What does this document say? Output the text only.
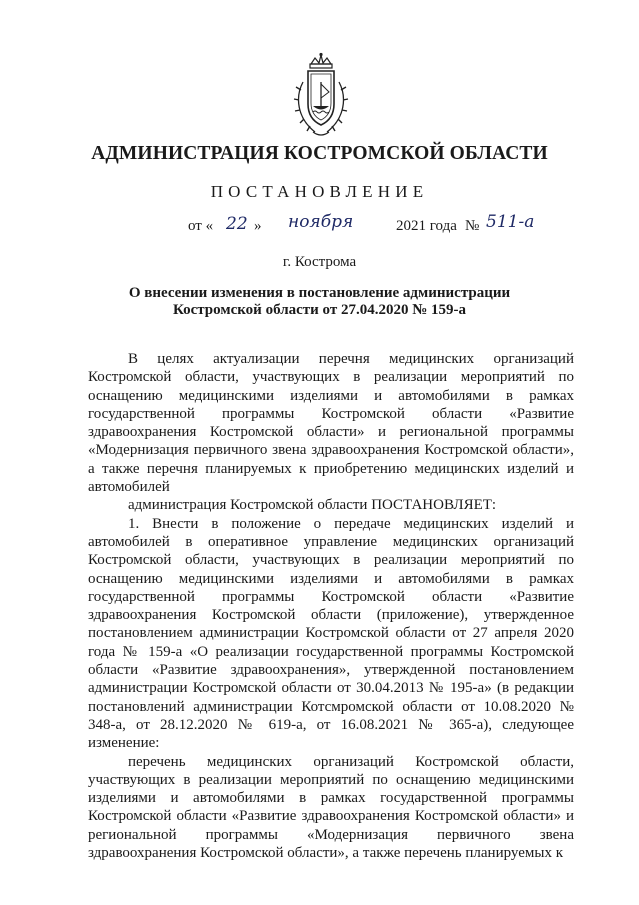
АДМИНИСТРАЦИЯ КОСТРОМСКОЙ ОБЛАСТИ
ПОСТАНОВЛЕНИЕ
от « 22 » ноября	2021 года № 511-а
г. Кострома
О внесении изменения в постановление администрации
Костромской области от 27.04.2020 № 159-а

В целях актуализации перечня медицинских организаций Костромской области, участвующих в реализации мероприятий по оснащению медицинскими изделиями и автомобилями в рамках государственной программы Костромской области «Развитие здравоохранения Костромской области» и региональной программы «Модернизация первичного звена здравоохранения Костромской области», а также перечня планируемых к приобретению медицинских изделий и автомобилей

администрация Костромской области ПОСТАНОВЛЯЕТ:

1. Внести в положение о передаче медицинских изделий и автомобилей в оперативное управление медицинских организаций Костромской области, участвующих в реализации мероприятий по оснащению медицинскими изделиями и автомобилями в рамках государственной программы Костромской области «Развитие здравоохранения Костромской области (приложение), утвержденное постановлением администрации Костромской области от 27 апреля 2020 года № 159-а «О реализации государственной программы Костромской области «Развитие здравоохранения», утвержденной постановлением администрации Костромской области от 30.04.2013 № 195-а» (в редакции постановлений администрации Котсмромской области от 10.08.2020 № 348-а, от 28.12.2020 № 619-а, от 16.08.2021 № 365-а), следующее изменение:

перечень медицинских организаций Костромской области, участвующих в реализации мероприятий по оснащению медицинскими изделиями и автомобилями в рамках государственной программы Костромской области «Развитие здравоохранения Костромской области» и региональной программы «Модернизация первичного звена здравоохранения Костромской области», а также перечень планируемых к
